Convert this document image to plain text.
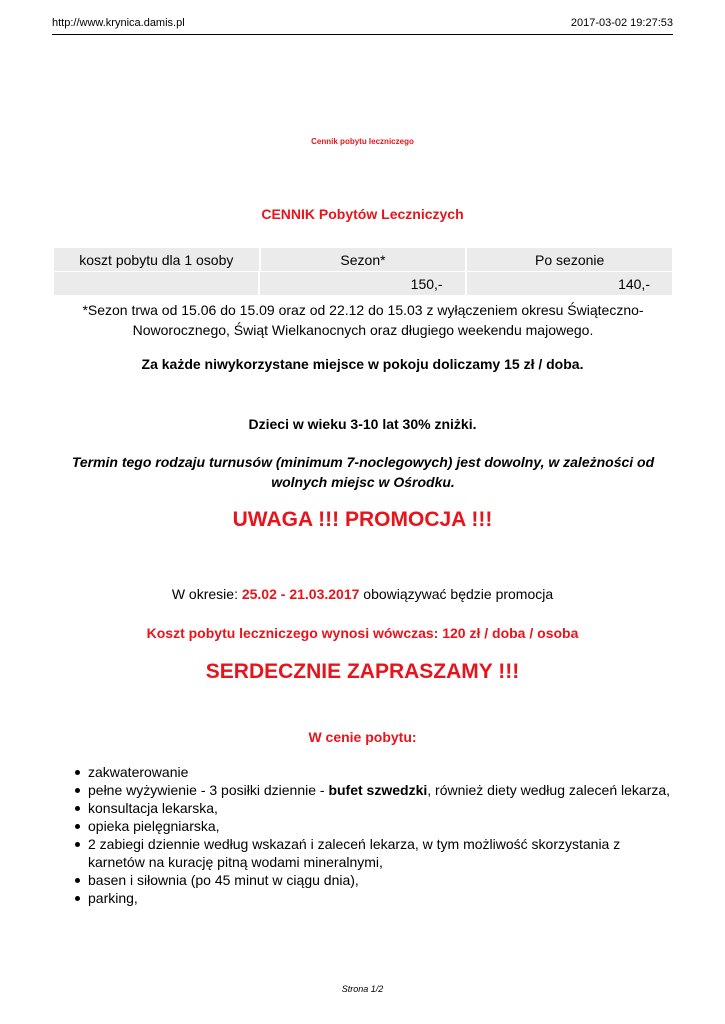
http://www.krynica.damis.pl	2017-03-02 19:27:53
Cennik pobytu leczniczego
CENNIK Pobytów Leczniczych
koszt pobytu dla 1 osoby	Sezon*	Po sezonie
	150,-	140,-
*Sezon trwa od 15.06 do 15.09 oraz od 22.12 do 15.03 z wyłączeniem okresu Świąteczno-Noworocznego, Świąt Wielkanocnych oraz długiego weekendu majowego.
Za każde niwykorzystane miejsce w pokoju doliczamy 15 zł / doba.
Dzieci w wieku 3-10 lat 30% zniżki.
Termin tego rodzaju turnusów (minimum 7-noclegowych) jest dowolny, w zależności od wolnych miejsc w Ośrodku.
UWAGA !!! PROMOCJA !!!
W okresie: 25.02 - 21.03.2017 obowiązywać będzie promocja
Koszt pobytu leczniczego wynosi wówczas: 120 zł / doba / osoba
SERDECZNIE ZAPRASZAMY !!!
W cenie pobytu:
zakwaterowanie
pełne wyżywienie - 3 posiłki dziennie - bufet szwedzki, również diety według zaleceń lekarza,
konsultacja lekarska,
opieka pielęgniarska,
2 zabiegi dziennie według wskazań i zaleceń lekarza, w tym możliwość skorzystania z karnetów na kurację pitną wodami mineralnymi,
basen i siłownia (po 45 minut w ciągu dnia),
parking,
Strona 1/2
